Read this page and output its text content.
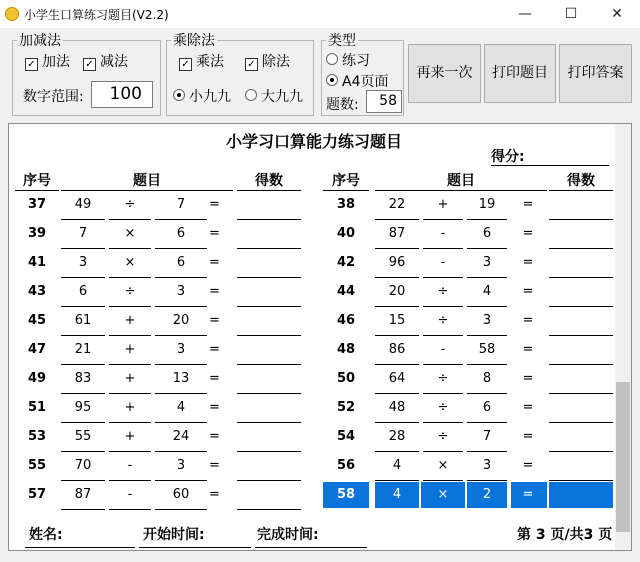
小学生口算练习题目(V2.2)	—	☐	✕
加减法
✓ 加法 ✓ 减法
数字范围:	100
乘除法
✓ 乘法 ✓ 除法
小九九	大九九
类型
练习
A4页面
题数:	58
再来一次	打印题目	打印答案
小学习口算能力练习题目
得分:
序号	题目	得数	序号	题目	得数
37	49	÷	7	=
39	7	×	6	=
41	3	×	6	=
43	6	÷	3	=
45	61	+	20	=
47	21	+	3	=
49	83	+	13	=
51	95	+	4	=
53	55	+	24	=
55	70	-	3	=
57	87	-	60	=
38	22	+	19	=
40	87	-	6	=
42	96	-	3	=
44	20	÷	4	=
46	15	÷	3	=
48	86	-	58	=
50	64	÷	8	=
52	48	÷	6	=
54	28	÷	7	=
56	4	×	3	=
58	4	×	2	=
姓名:	开始时间:	完成时间:	第 3 页/共3 页
